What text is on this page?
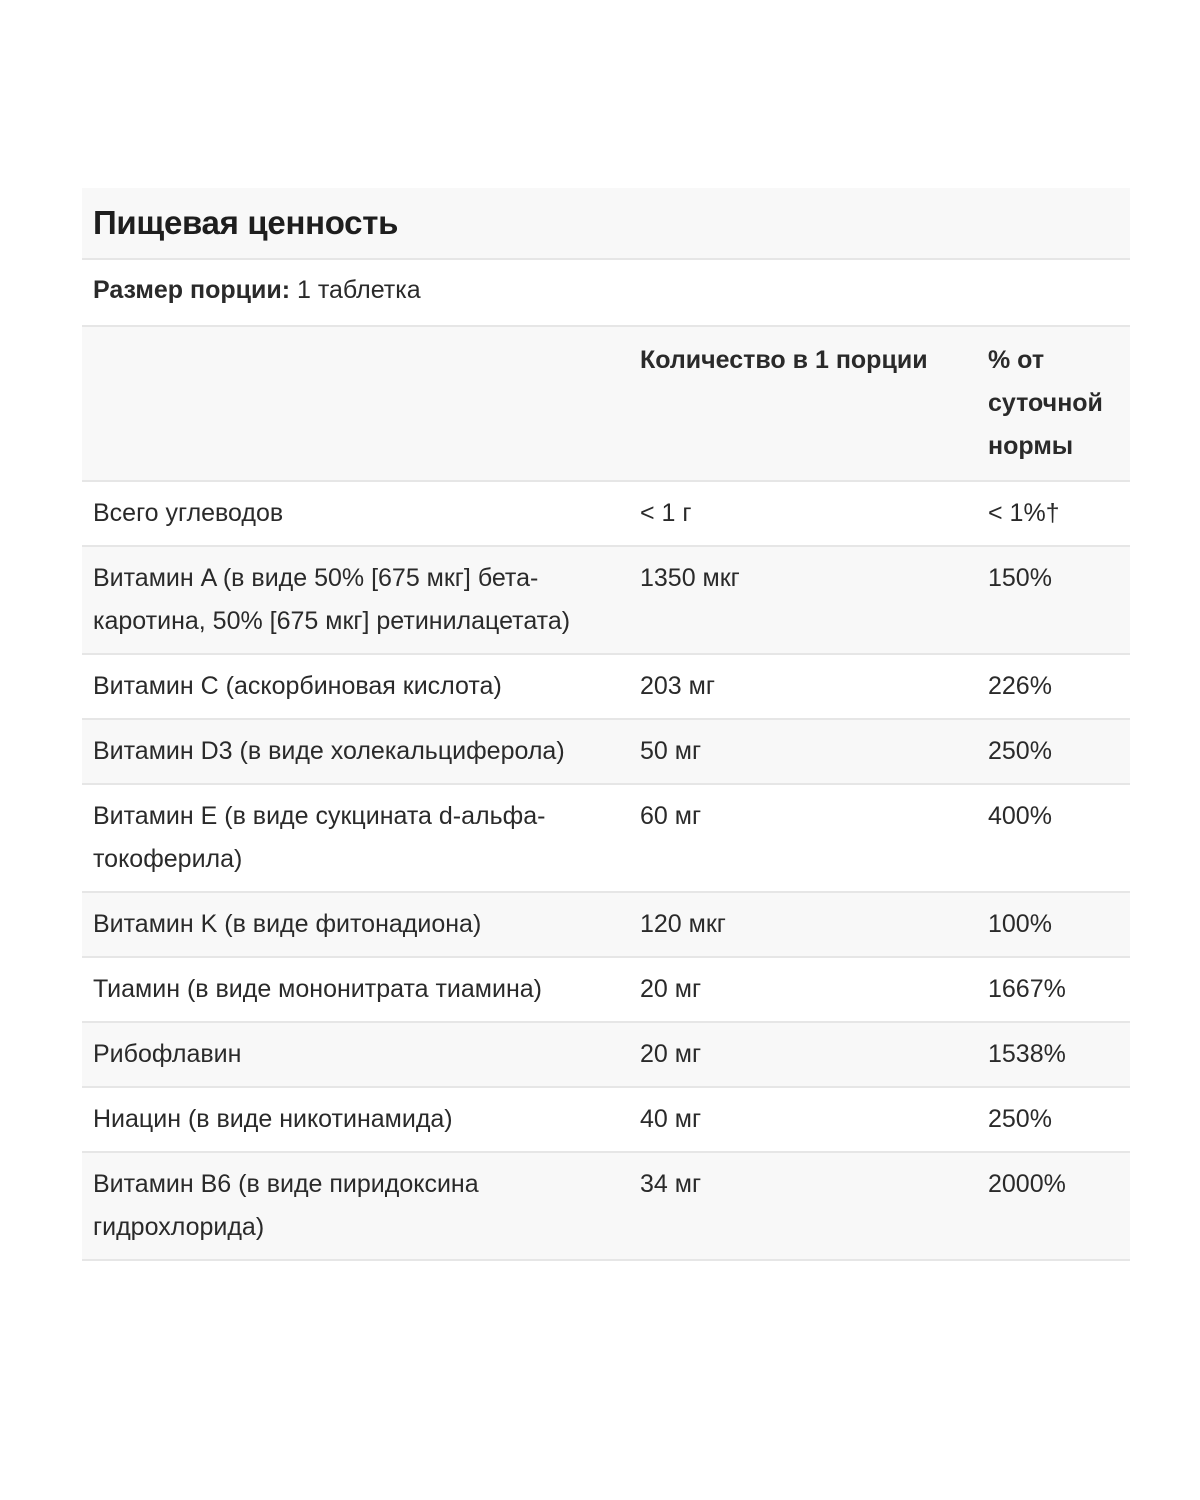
Пищевая ценность
Размер порции: 1 таблетка
	Количество в 1 порции	% от суточной нормы
Всего углеводов	< 1 г	< 1%†
Витамин A (в виде 50% [675 мкг] бета-каротина, 50% [675 мкг] ретинилацетата)	1350 мкг	150%
Витамин C (аскорбиновая кислота)	203 мг	226%
Витамин D3 (в виде холекальциферола)	50 мг	250%
Витамин E (в виде сукцината d-альфа-токоферила)	60 мг	400%
Витамин K (в виде фитонадиона)	120 мкг	100%
Тиамин (в виде мононитрата тиамина)	20 мг	1667%
Рибофлавин	20 мг	1538%
Ниацин (в виде никотинамида)	40 мг	250%
Витамин B6 (в виде пиридоксина гидрохлорида)	34 мг	2000%
